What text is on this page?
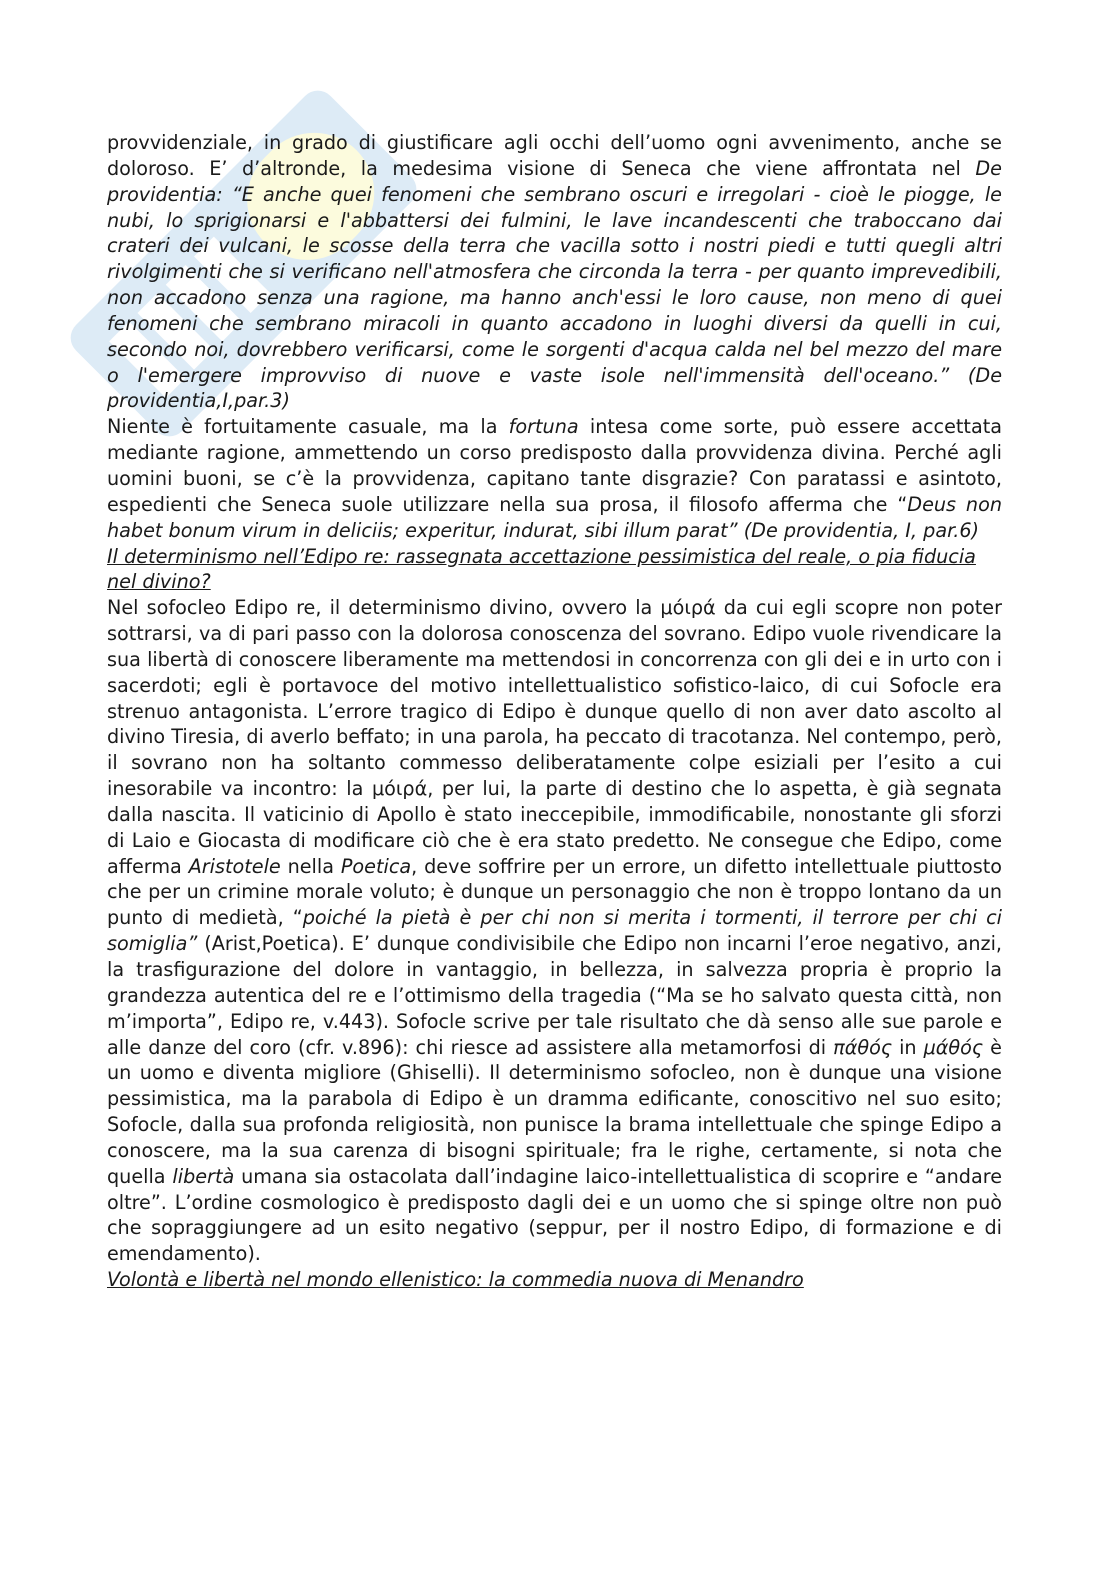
provvidenziale, in grado di giustificare agli occhi dell’uomo ogni avvenimento, anche se doloroso. E’ d’altronde, la medesima visione di Seneca che viene affrontata nel De providentia: “E anche quei fenomeni che sembrano oscuri e irregolari - cioè le piogge, le nubi, lo sprigionarsi e l'abbattersi dei fulmini, le lave incandescenti che traboccano dai crateri dei vulcani, le scosse della terra che vacilla sotto i nostri piedi e tutti quegli altri rivolgimenti che si verificano nell'atmosfera che circonda la terra - per quanto imprevedibili, non accadono senza una ragione, ma hanno anch'essi le loro cause, non meno di quei fenomeni che sembrano miracoli in quanto accadono in luoghi diversi da quelli in cui, secondo noi, dovrebbero verificarsi, come le sorgenti d'acqua calda nel bel mezzo del mare o l'emergere improvviso di nuove e vaste isole nell'immensità dell'oceano.” (De providentia,I,par.3)

Niente è fortuitamente casuale, ma la fortuna intesa come sorte, può essere accettata mediante ragione, ammettendo un corso predisposto dalla provvidenza divina. Perché agli uomini buoni, se c’è la provvidenza, capitano tante disgrazie? Con paratassi e asintoto, espedienti che Seneca suole utilizzare nella sua prosa, il filosofo afferma che “Deus non habet bonum virum in deliciis; experitur, indurat, sibi illum parat” (De providentia, I, par.6)

Il determinismo nell’Edipo re: rassegnata accettazione pessimistica del reale, o pia fiducia nel divino?

Nel sofocleo Edipo re, il determinismo divino, ovvero la μόιρά da cui egli scopre non poter sottrarsi, va di pari passo con la dolorosa conoscenza del sovrano. Edipo vuole rivendicare la sua libertà di conoscere liberamente ma mettendosi in concorrenza con gli dei e in urto con i sacerdoti; egli è portavoce del motivo intellettualistico sofistico-laico, di cui Sofocle era strenuo antagonista. L’errore tragico di Edipo è dunque quello di non aver dato ascolto al divino Tiresia, di averlo beffato; in una parola, ha peccato di tracotanza. Nel contempo, però, il sovrano non ha soltanto commesso deliberatamente colpe esiziali per l’esito a cui inesorabile va incontro: la μόιρά, per lui, la parte di destino che lo aspetta, è già segnata dalla nascita. Il vaticinio di Apollo è stato ineccepibile, immodificabile, nonostante gli sforzi di Laio e Giocasta di modificare ciò che è era stato predetto. Ne consegue che Edipo, come afferma Aristotele nella Poetica, deve soffrire per un errore, un difetto intellettuale piuttosto che per un crimine morale voluto; è dunque un personaggio che non è troppo lontano da un punto di medietà, “poiché la pietà è per chi non si merita i tormenti, il terrore per chi ci somiglia” (Arist,Poetica). E’ dunque condivisibile che Edipo non incarni l’eroe negativo, anzi, la trasfigurazione del dolore in vantaggio, in bellezza, in salvezza propria è proprio la grandezza autentica del re e l’ottimismo della tragedia (“Ma se ho salvato questa città, non m’importa”, Edipo re, v.443). Sofocle scrive per tale risultato che dà senso alle sue parole e alle danze del coro (cfr. v.896): chi riesce ad assistere alla metamorfosi di πάθός in μάθός è un uomo e diventa migliore (Ghiselli). Il determinismo sofocleo, non è dunque una visione pessimistica, ma la parabola di Edipo è un dramma edificante, conoscitivo nel suo esito; Sofocle, dalla sua profonda religiosità, non punisce la brama intellettuale che spinge Edipo a conoscere, ma la sua carenza di bisogni spirituale; fra le righe, certamente, si nota che quella libertà umana sia ostacolata dall’indagine laico-intellettualistica di scoprire e “andare oltre”. L’ordine cosmologico è predisposto dagli dei e un uomo che si spinge oltre non può che sopraggiungere ad un esito negativo (seppur, per il nostro Edipo, di formazione e di emendamento).

Volontà e libertà nel mondo ellenistico: la commedia nuova di Menandro
